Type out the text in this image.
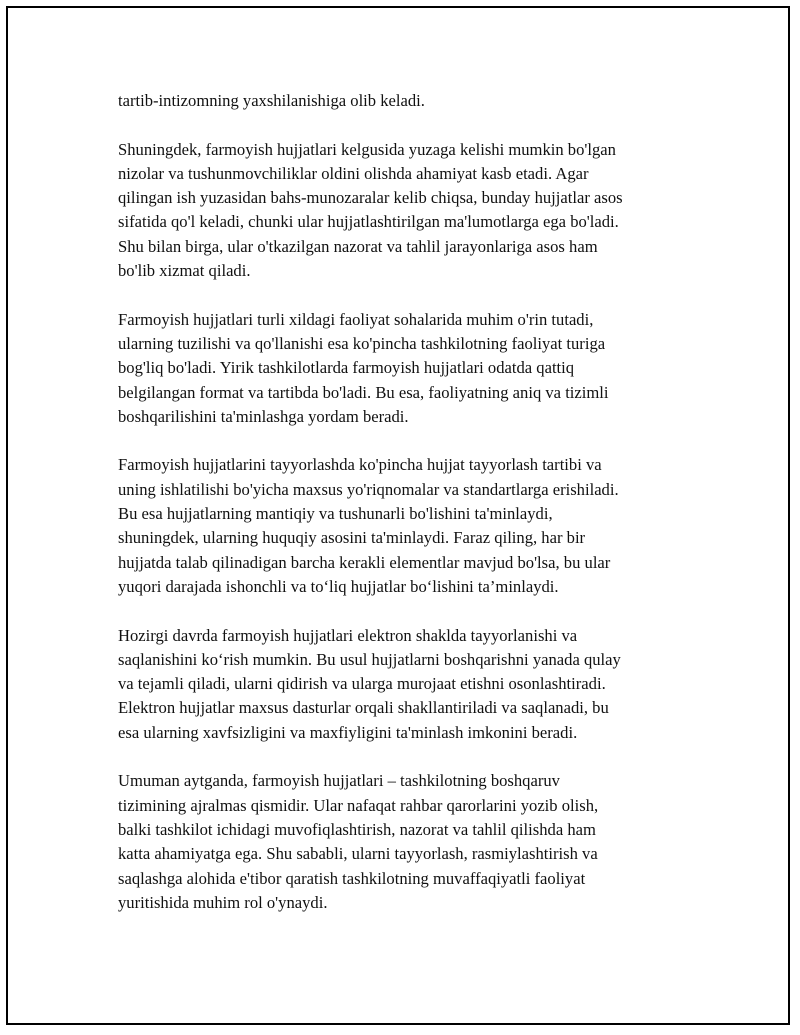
tartib-intizomning yaxshilanishiga olib keladi.

Shuningdek, farmoyish hujjatlari kelgusida yuzaga kelishi mumkin bo'lgan
nizolar va tushunmovchiliklar oldini olishda ahamiyat kasb etadi. Agar
qilingan ish yuzasidan bahs-munozaralar kelib chiqsa, bunday hujjatlar asos
sifatida qo'l keladi, chunki ular hujjatlashtirilgan ma'lumotlarga ega bo'ladi.
Shu bilan birga, ular o'tkazilgan nazorat va tahlil jarayonlariga asos ham
bo'lib xizmat qiladi.

Farmoyish hujjatlari turli xildagi faoliyat sohalarida muhim o'rin tutadi,
ularning tuzilishi va qo'llanishi esa ko'pincha tashkilotning faoliyat turiga
bog'liq bo'ladi. Yirik tashkilotlarda farmoyish hujjatlari odatda qattiq
belgilangan format va tartibda bo'ladi. Bu esa, faoliyatning aniq va tizimli
boshqarilishini ta'minlashga yordam beradi.

Farmoyish hujjatlarini tayyorlashda ko'pincha hujjat tayyorlash tartibi va
uning ishlatilishi bo'yicha maxsus yo'riqnomalar va standartlarga erishiladi.
Bu esa hujjatlarning mantiqiy va tushunarli bo'lishini ta'minlaydi,
shuningdek, ularning huquqiy asosini ta'minlaydi. Faraz qiling, har bir
hujjatda talab qilinadigan barcha kerakli elementlar mavjud bo'lsa, bu ular
yuqori darajada ishonchli va to‘liq hujjatlar bo‘lishini ta’minlaydi.

Hozirgi davrda farmoyish hujjatlari elektron shaklda tayyorlanishi va
saqlanishini ko‘rish mumkin. Bu usul hujjatlarni boshqarishni yanada qulay
va tejamli qiladi, ularni qidirish va ularga murojaat etishni osonlashtiradi.
Elektron hujjatlar maxsus dasturlar orqali shakllantiriladi va saqlanadi, bu
esa ularning xavfsizligini va maxfiyligini ta'minlash imkonini beradi.

Umuman aytganda, farmoyish hujjatlari – tashkilotning boshqaruv
tizimining ajralmas qismidir. Ular nafaqat rahbar qarorlarini yozib olish,
balki tashkilot ichidagi muvofiqlashtirish, nazorat va tahlil qilishda ham
katta ahamiyatga ega. Shu sababli, ularni tayyorlash, rasmiylashtirish va
saqlashga alohida e'tibor qaratish tashkilotning muvaffaqiyatli faoliyat
yuritishida muhim rol o'ynaydi.
